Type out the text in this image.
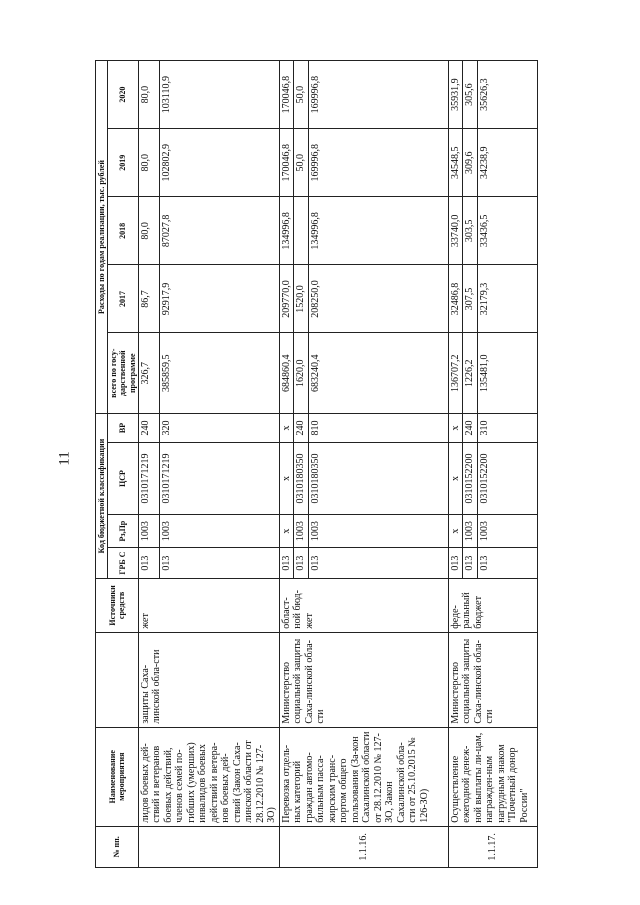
11
№ пп.	Наименование мероприятия		Источники средств	Код бюджетной классификации				Расходы по годам реализации, тыс. рублей				
				ГРБ С	Рз,Пр	ЦСР	ВР	всего по госу-дарственной программе	2017	2018	2019	2020
	лидов боевых дей-ствий и ветеранов боевых действий, членов семей по-гибших (умерших) инвалидов боевых действий и ветера-нов боевых дей-ствий (Закон Саха-линской области от 28.12.2010 № 127-ЗО)	защиты Саха-линской обла-сти	жет	013	1003	0310171219	240	326,7	86,7	80,0	80,0	80,0
				013	1003	0310171219	320	385859,5	92917,9	87027,8	102802,9	103110,9
1.1.16.	Перевозка отдель-ных категорий граждан автомо-бильным пасса-жирским транс-портом общего пользования (За-кон Сахалинской области от 28.12.2010 № 127-ЗО, Закон Сахалинской обла-сти от 25.10.2015 № 126-ЗО)	Министерство социальной защиты Саха-линской обла-сти	област-ной бюд-жет	013	x	x	x	684860,4	209770,0	134996,8	170046,8	170046,8
				013	1003	0310180350	240	1620,0	1520,0		50,0	50,0
				013	1003	0310180350	810	683240,4	208250,0	134996,8	169996,8	169996,8
1.1.17.	Осуществление ежегодной денеж-ной выплаты ли-цам, награжден-ным нагрудным знаком "Почетный донор России"	Министерство социальной защиты Саха-линской обла-сти	феде-ральный бюджет	013	x	x	x	136707,2	32486,8	33740,0	34548,5	35931,9
				013	1003	0310152200	240	1226,2	307,5	303,5	309,6	305,6
				013	1003	0310152200	310	135481,0	32179,3	33436,5	34238,9	35626,3
